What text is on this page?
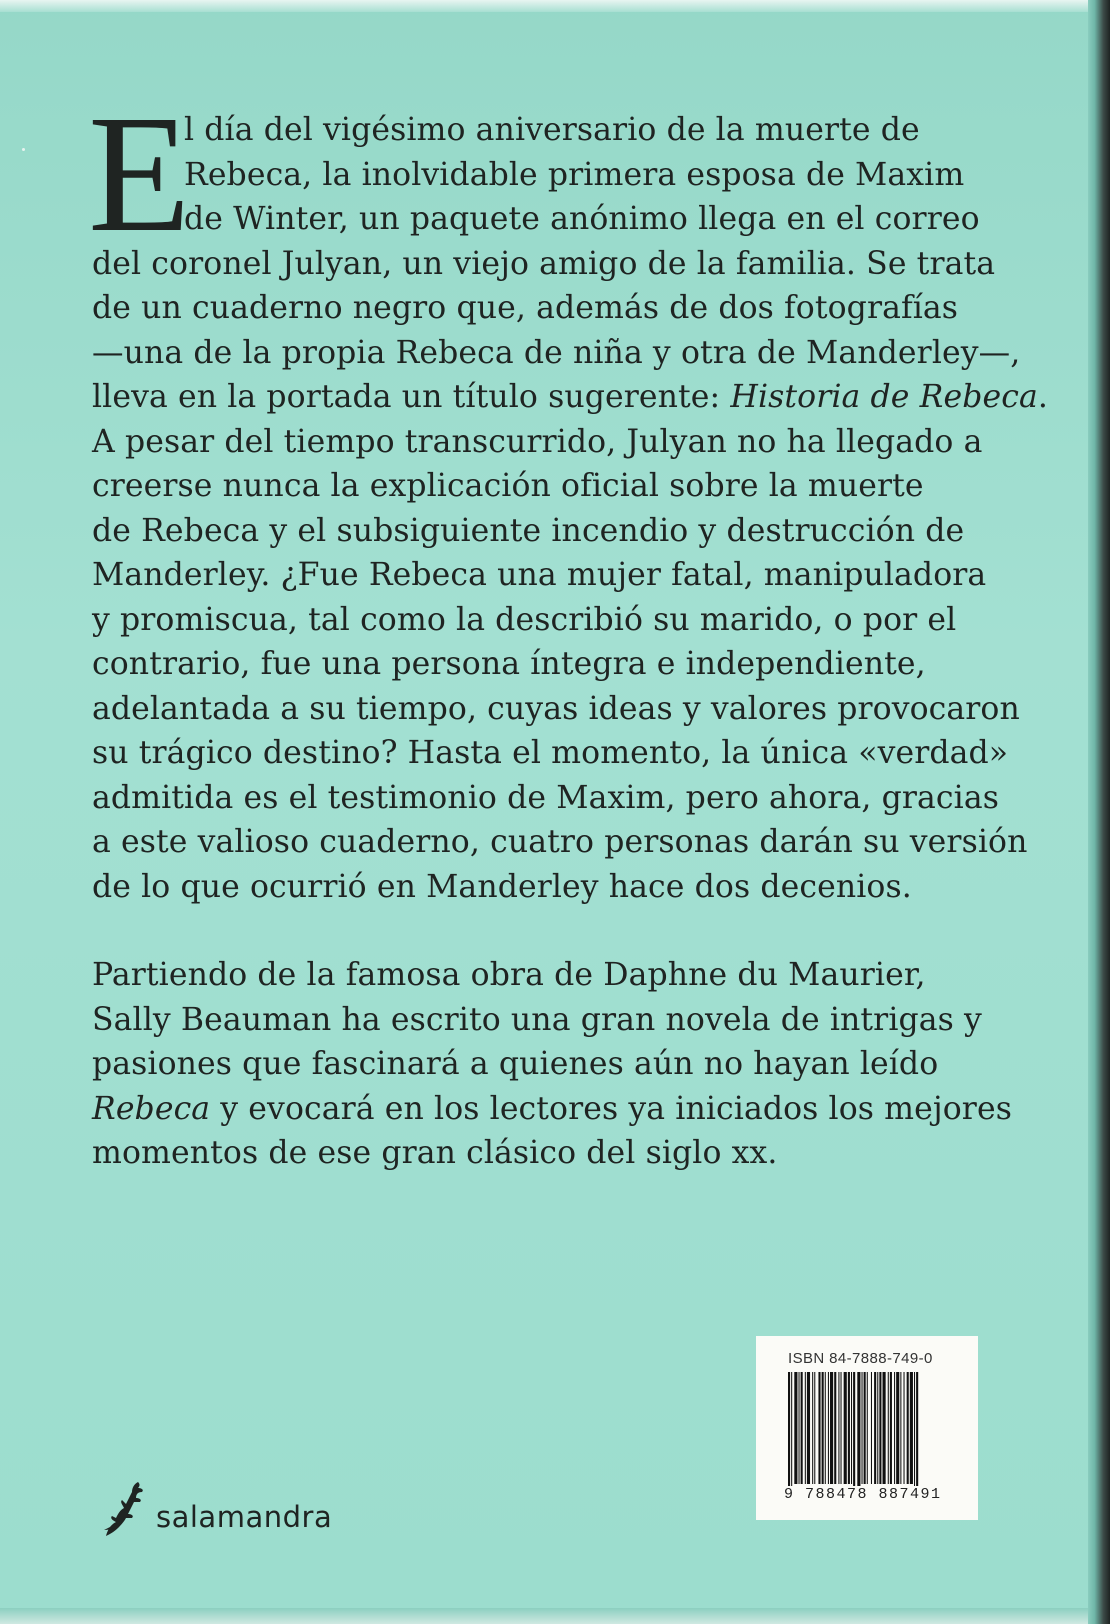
E
l día del vigésimo aniversario de la muerte de
Rebeca, la inolvidable primera esposa de Maxim
de Winter, un paquete anónimo llega en el correo
del coronel Julyan, un viejo amigo de la familia. Se trata
de un cuaderno negro que, además de dos fotografías
—una de la propia Rebeca de niña y otra de Manderley—,
lleva en la portada un título sugerente: Historia de Rebeca.
A pesar del tiempo transcurrido, Julyan no ha llegado a
creerse nunca la explicación oficial sobre la muerte
de Rebeca y el subsiguiente incendio y destrucción de
Manderley. ¿Fue Rebeca una mujer fatal, manipuladora
y promiscua, tal como la describió su marido, o por el
contrario, fue una persona íntegra e independiente,
adelantada a su tiempo, cuyas ideas y valores provocaron
su trágico destino? Hasta el momento, la única «verdad»
admitida es el testimonio de Maxim, pero ahora, gracias
a este valioso cuaderno, cuatro personas darán su versión
de lo que ocurrió en Manderley hace dos decenios.
Partiendo de la famosa obra de Daphne du Maurier,
Sally Beauman ha escrito una gran novela de intrigas y
pasiones que fascinará a quienes aún no hayan leído
Rebeca y evocará en los lectores ya iniciados los mejores
momentos de ese gran clásico del siglo xx.
salamandra
ISBN 84-7888-749-0
9 788478 887491
